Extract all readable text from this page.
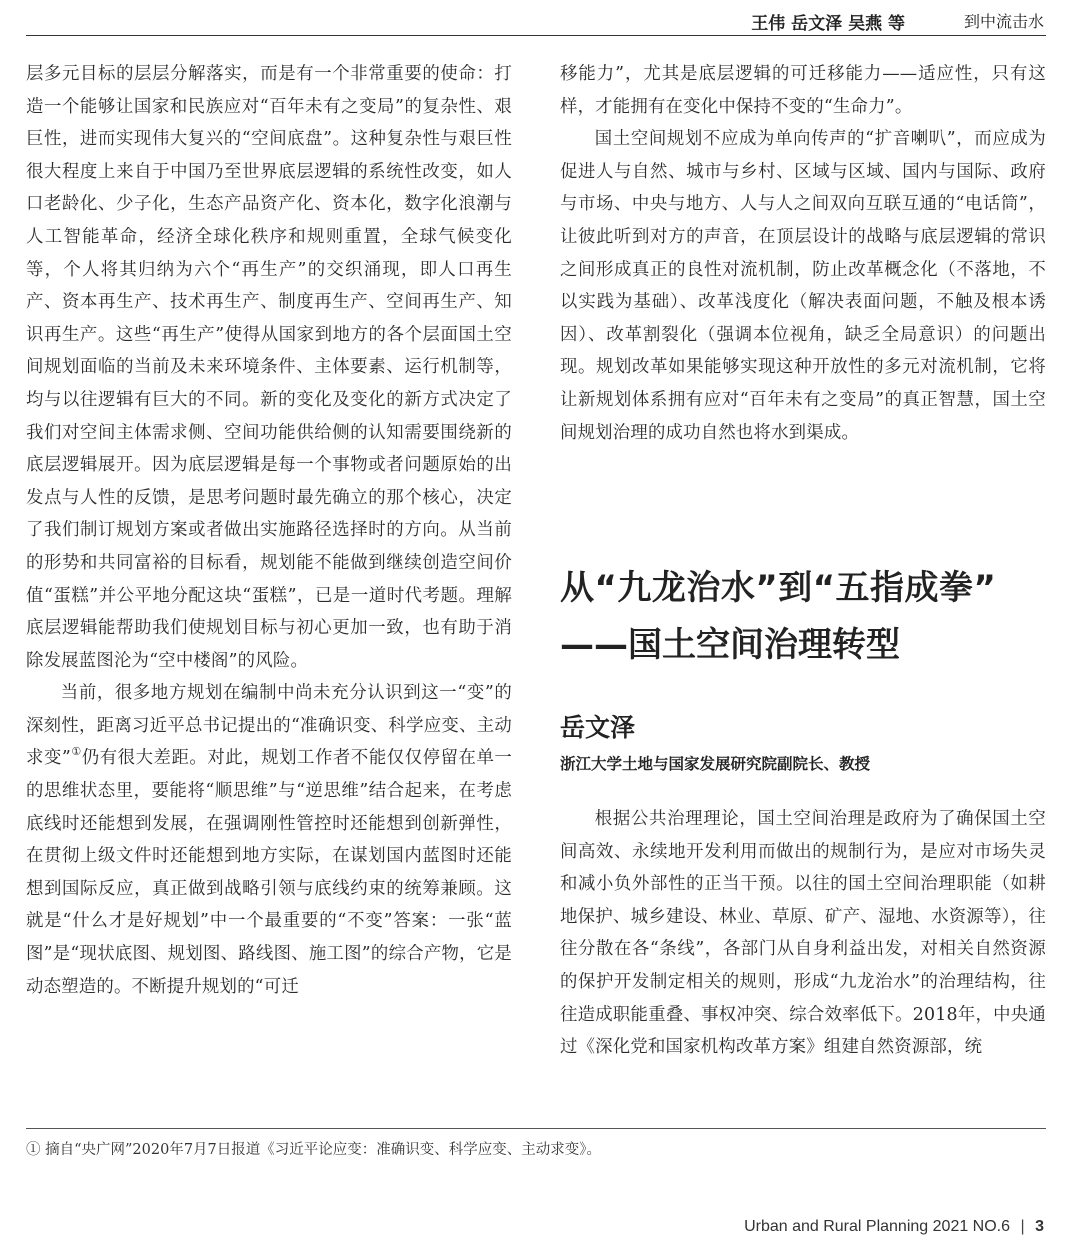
王伟 岳文泽 吴燕 等	到中流击水

层多元目标的层层分解落实，而是有一个非常重要的使命：打造一个能够让国家和民族应对“百年未有之变局”的复杂性、艰巨性，进而实现伟大复兴的“空间底盘”。这种复杂性与艰巨性很大程度上来自于中国乃至世界底层逻辑的系统性改变，如人口老龄化、少子化，生态产品资产化、资本化，数字化浪潮与人工智能革命，经济全球化秩序和规则重置，全球气候变化等，个人将其归纳为六个“再生产”的交织涌现，即人口再生产、资本再生产、技术再生产、制度再生产、空间再生产、知识再生产。这些“再生产”使得从国家到地方的各个层面国土空间规划面临的当前及未来环境条件、主体要素、运行机制等，均与以往逻辑有巨大的不同。新的变化及变化的新方式决定了我们对空间主体需求侧、空间功能供给侧的认知需要围绕新的底层逻辑展开。因为底层逻辑是每一个事物或者问题原始的出发点与人性的反馈，是思考问题时最先确立的那个核心，决定了我们制订规划方案或者做出实施路径选择时的方向。从当前的形势和共同富裕的目标看，规划能不能做到继续创造空间价值“蛋糕”并公平地分配这块“蛋糕”，已是一道时代考题。理解底层逻辑能帮助我们使规划目标与初心更加一致，也有助于消除发展蓝图沦为“空中楼阁”的风险。

当前，很多地方规划在编制中尚未充分认识到这一“变”的深刻性，距离习近平总书记提出的“准确识变、科学应变、主动求变”①仍有很大差距。对此，规划工作者不能仅仅停留在单一的思维状态里，要能将“顺思维”与“逆思维”结合起来，在考虑底线时还能想到发展，在强调刚性管控时还能想到创新弹性，在贯彻上级文件时还能想到地方实际，在谋划国内蓝图时还能想到国际反应，真正做到战略引领与底线约束的统筹兼顾。这就是“什么才是好规划”中一个最重要的“不变”答案：一张“蓝图”是“现状底图、规划图、路线图、施工图”的综合产物，它是动态塑造的。不断提升规划的“可迁

移能力”，尤其是底层逻辑的可迁移能力——适应性，只有这样，才能拥有在变化中保持不变的“生命力”。

国土空间规划不应成为单向传声的“扩音喇叭”，而应成为促进人与自然、城市与乡村、区域与区域、国内与国际、政府与市场、中央与地方、人与人之间双向互联互通的“电话筒”，让彼此听到对方的声音，在顶层设计的战略与底层逻辑的常识之间形成真正的良性对流机制，防止改革概念化（不落地，不以实践为基础）、改革浅度化（解决表面问题，不触及根本诱因）、改革割裂化（强调本位视角，缺乏全局意识）的问题出现。规划改革如果能够实现这种开放性的多元对流机制，它将让新规划体系拥有应对“百年未有之变局”的真正智慧，国土空间规划治理的成功自然也将水到渠成。

从“九龙治水”到“五指成拳”
——国土空间治理转型
岳文泽
浙江大学土地与国家发展研究院副院长、教授

根据公共治理理论，国土空间治理是政府为了确保国土空间高效、永续地开发利用而做出的规制行为，是应对市场失灵和减小负外部性的正当干预。以往的国土空间治理职能（如耕地保护、城乡建设、林业、草原、矿产、湿地、水资源等），往往分散在各“条线”，各部门从自身利益出发，对相关自然资源的保护开发制定相关的规则，形成“九龙治水”的治理结构，往往造成职能重叠、事权冲突、综合效率低下。2018年，中央通过《深化党和国家机构改革方案》组建自然资源部，统

① 摘自“央广网”2020年7月7日报道《习近平论应变：准确识变、科学应变、主动求变》。
Urban and Rural Planning 2021 NO.6 | 3
